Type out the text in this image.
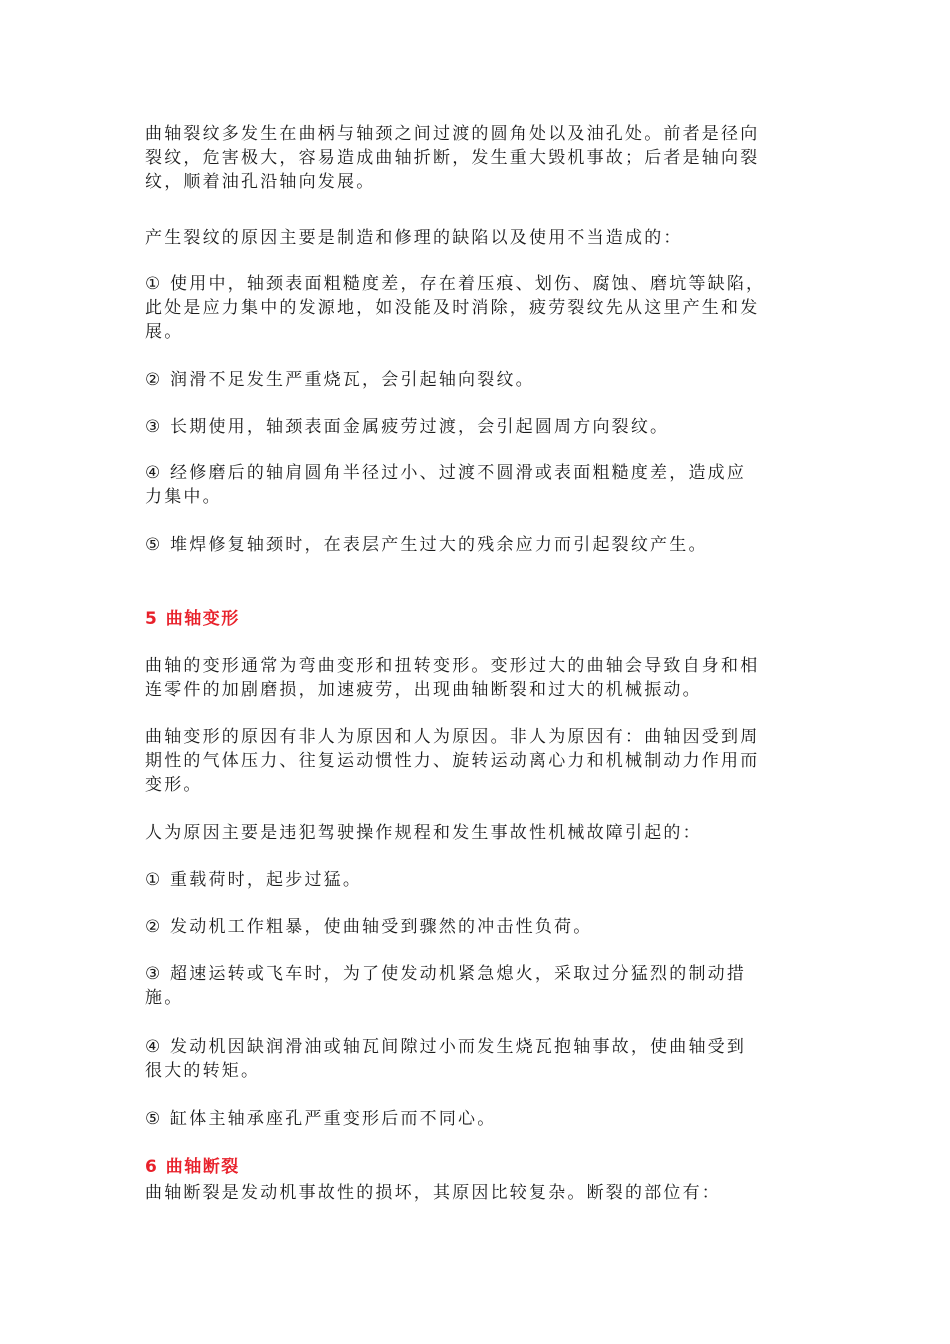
曲轴裂纹多发生在曲柄与轴颈之间过渡的圆角处以及油孔处。前者是径向
裂纹，危害极大，容易造成曲轴折断，发生重大毁机事故；后者是轴向裂
纹，顺着油孔沿轴向发展。

产生裂纹的原因主要是制造和修理的缺陷以及使用不当造成的：

① 使用中，轴颈表面粗糙度差，存在着压痕、划伤、腐蚀、磨坑等缺陷，
此处是应力集中的发源地，如没能及时消除，疲劳裂纹先从这里产生和发
展。

② 润滑不足发生严重烧瓦，会引起轴向裂纹。

③ 长期使用，轴颈表面金属疲劳过渡，会引起圆周方向裂纹。

④ 经修磨后的轴肩圆角半径过小、过渡不圆滑或表面粗糙度差，造成应
力集中。

⑤ 堆焊修复轴颈时，在表层产生过大的残余应力而引起裂纹产生。

5 曲轴变形

曲轴的变形通常为弯曲变形和扭转变形。变形过大的曲轴会导致自身和相
连零件的加剧磨损，加速疲劳，出现曲轴断裂和过大的机械振动。

曲轴变形的原因有非人为原因和人为原因。非人为原因有：曲轴因受到周
期性的气体压力、往复运动惯性力、旋转运动离心力和机械制动力作用而
变形。

人为原因主要是违犯驾驶操作规程和发生事故性机械故障引起的：

① 重载荷时，起步过猛。

② 发动机工作粗暴，使曲轴受到骤然的冲击性负荷。

③ 超速运转或飞车时，为了使发动机紧急熄火，采取过分猛烈的制动措
施。

④ 发动机因缺润滑油或轴瓦间隙过小而发生烧瓦抱轴事故，使曲轴受到
很大的转矩。

⑤ 缸体主轴承座孔严重变形后而不同心。

6 曲轴断裂

曲轴断裂是发动机事故性的损坏，其原因比较复杂。断裂的部位有：
